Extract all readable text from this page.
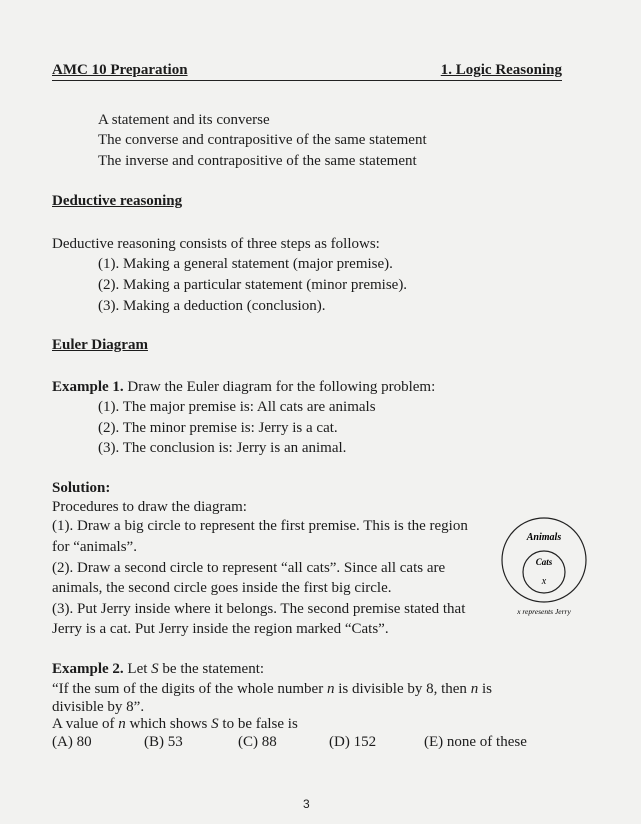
AMC 10 Preparation	1. Logic Reasoning
A statement and its converse
The converse and contrapositive of the same statement
The inverse and contrapositive of the same statement
Deductive reasoning
Deductive reasoning consists of three steps as follows:
(1). Making a general statement (major premise).
(2). Making a particular statement (minor premise).
(3). Making a deduction (conclusion).
Euler Diagram
Example 1. Draw the Euler diagram for the following problem:
(1). The major premise is: All cats are animals
(2). The minor premise is: Jerry is a cat.
(3). The conclusion is: Jerry is an animal.
Solution:
Procedures to draw the diagram:
(1). Draw a big circle to represent the first premise. This is the region
for “animals”.
(2). Draw a second circle to represent “all cats”. Since all cats are
animals, the second circle goes inside the first big circle.
(3). Put Jerry inside where it belongs. The second premise stated that
Jerry is a cat. Put Jerry inside the region marked “Cats”.
Animals
Cats
x
x represents Jerry
Example 2. Let S be the statement:
“If the sum of the digits of the whole number n is divisible by 8, then n is
divisible by 8”.
A value of n which shows S to be false is
(A) 80	(B) 53	(C) 88	(D) 152	(E) none of these
3
